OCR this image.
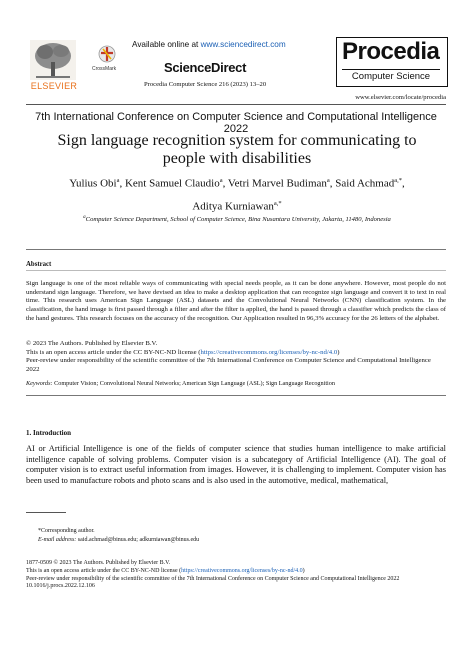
ELSEVIER
Available online at www.sciencedirect.com
CrossMark	ScienceDirect
Procedia Computer Science 216 (2023) 13–20
Procedia
Computer Science
www.elsevier.com/locate/procedia
7th International Conference on Computer Science and Computational Intelligence 2022
Sign language recognition system for communicating to people with disabilities
Yulius Obi$^a$, Kent Samuel Claudio$^a$, Vetri Marvel Budiman$^a$, Said Achmad$^{a,*}$,
Aditya Kurniawan$^{a,*}$
$^a$Computer Science Department, School of Computer Science, Bina Nusantara University, Jakarta, 11480, Indonesia
Abstract
Sign language is one of the most reliable ways of communicating with special needs people, as it can be done anywhere. However, most people do not understand sign language. Therefore, we have devised an idea to make a desktop application that can recognize sign language and convert it to text in real time. This research uses American Sign Language (ASL) datasets and the Convolutional Neural Networks (CNN) classification system. In the classification, the hand image is first passed through a filter and after the filter is applied, the hand is passed through a classifier which predicts the class of the hand gestures. This research focuses on the accuracy of the recognition. Our Application resulted in 96,3% accuracy for the 26 letters of the alphabet.
© 2023 The Authors. Published by Elsevier B.V.
This is an open access article under the CC BY-NC-ND license (https://creativecommons.org/licenses/by-nc-nd/4.0)
Peer-review under responsibility of the scientific committee of the 7th International Conference on Computer Science and Computational Intelligence 2022
Keywords: Computer Vision; Convolutional Neural Networks; American Sign Language (ASL); Sign Language Recognition
1. Introduction
AI or Artificial Intelligence is one of the fields of computer science that studies human intelligence to make artificial intelligence capable of solving problems. Computer vision is a subcategory of Artificial Intelligence (AI). The goal of computer vision is to extract useful information from images. However, it is challenging to implement. Computer vision has been used to manufacture robots and photo scans and is also used in the automotive, medical, mathematical,
*Corresponding author.
E-mail address: said.achmad@binus.edu; adkurniawan@binus.edu
1877-0509 © 2023 The Authors. Published by Elsevier B.V.
This is an open access article under the CC BY-NC-ND license (https://creativecommons.org/licenses/by-nc-nd/4.0)
Peer-review under responsibility of the scientific committee of the 7th International Conference on Computer Science and Computational Intelligence 2022
10.1016/j.procs.2022.12.106
